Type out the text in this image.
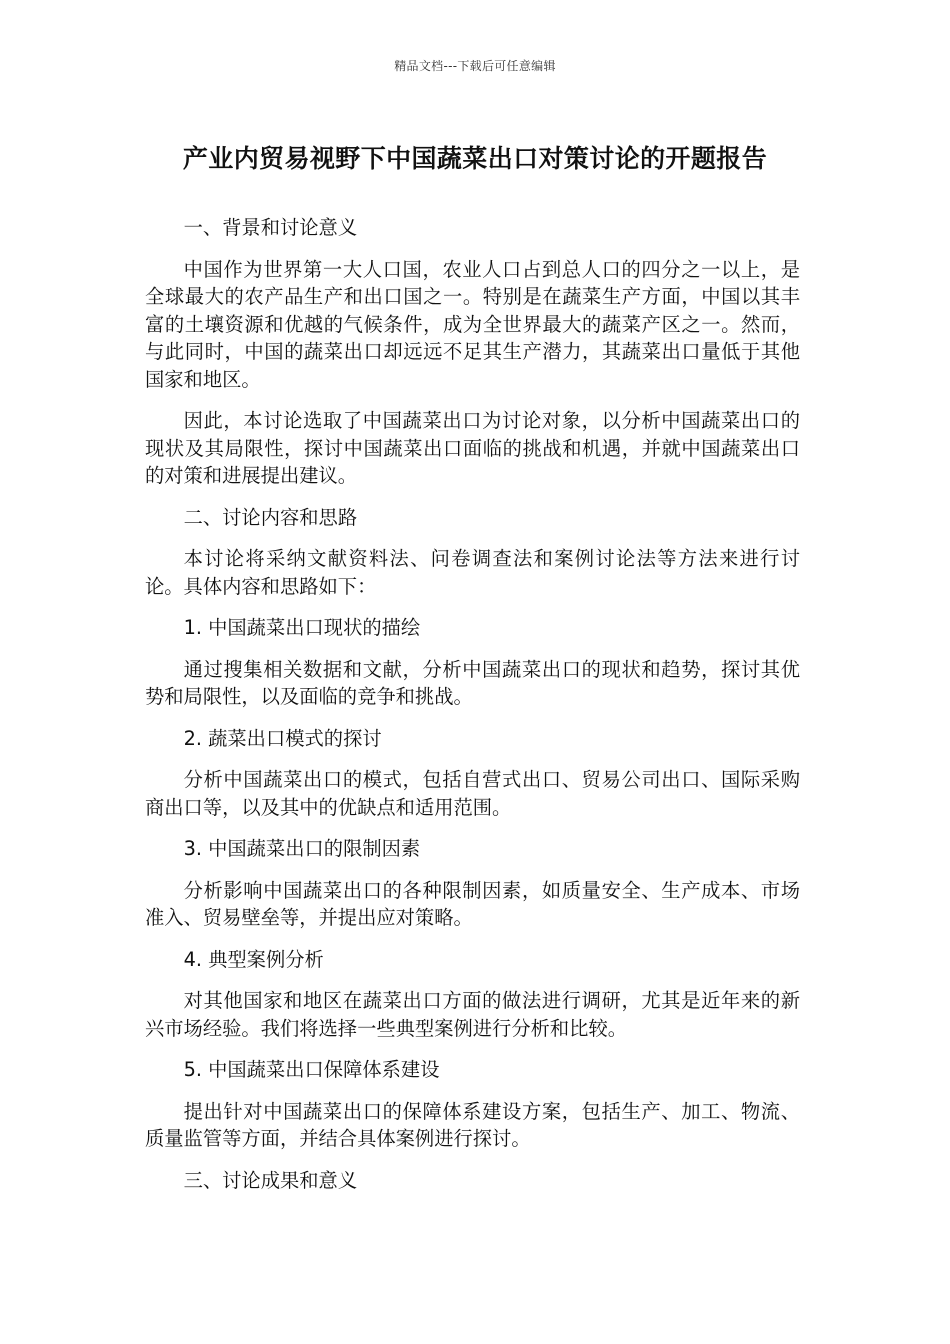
精品文档---下载后可任意编辑
产业内贸易视野下中国蔬菜出口对策讨论的开题报告

一、背景和讨论意义

中国作为世界第一大人口国，农业人口占到总人口的四分之一以上，是全球最大的农产品生产和出口国之一。特别是在蔬菜生产方面，中国以其丰富的土壤资源和优越的气候条件，成为全世界最大的蔬菜产区之一。然而，与此同时，中国的蔬菜出口却远远不足其生产潜力，其蔬菜出口量低于其他国家和地区。

因此，本讨论选取了中国蔬菜出口为讨论对象，以分析中国蔬菜出口的现状及其局限性，探讨中国蔬菜出口面临的挑战和机遇，并就中国蔬菜出口的对策和进展提出建议。

二、讨论内容和思路

本讨论将采纳文献资料法、问卷调查法和案例讨论法等方法来进行讨论。具体内容和思路如下：

1. 中国蔬菜出口现状的描绘

通过搜集相关数据和文献，分析中国蔬菜出口的现状和趋势，探讨其优势和局限性，以及面临的竞争和挑战。

2. 蔬菜出口模式的探讨

分析中国蔬菜出口的模式，包括自营式出口、贸易公司出口、国际采购商出口等，以及其中的优缺点和适用范围。

3. 中国蔬菜出口的限制因素

分析影响中国蔬菜出口的各种限制因素，如质量安全、生产成本、市场准入、贸易壁垒等，并提出应对策略。

4. 典型案例分析

对其他国家和地区在蔬菜出口方面的做法进行调研，尤其是近年来的新兴市场经验。我们将选择一些典型案例进行分析和比较。

5. 中国蔬菜出口保障体系建设

提出针对中国蔬菜出口的保障体系建设方案，包括生产、加工、物流、质量监管等方面，并结合具体案例进行探讨。

三、讨论成果和意义
